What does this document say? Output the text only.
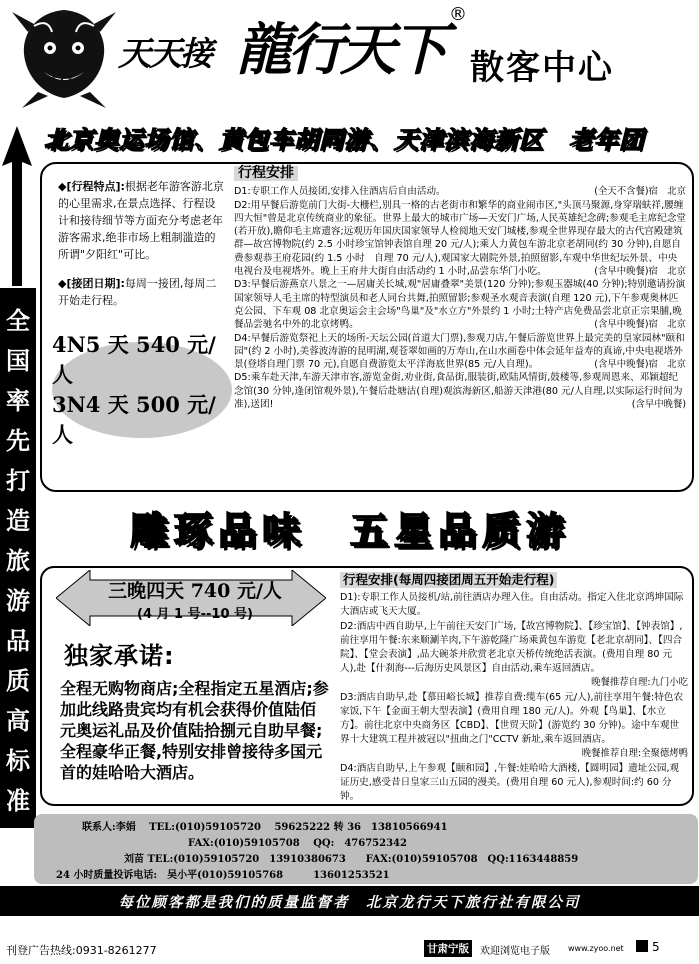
天天接 龍行天下
®
散客中心
全
国
率
先
打
造
旅
游
品
质
高
标
准
北京奥运场馆、黄包车胡同游、天津滨海新区　老年团

◆[行程特点]:根据老年游客游北京的心里需求,在景点选择、行程设计和接待细节等方面充分考虑老年游客需求,绝非市场上粗制滥造的所谓"夕阳红"可比。

◆[接团日期]:每周一接团,每周二开始走行程。

4N5 天 540 元/人
3N4 天 500 元/人
行程安排
D1:专职工作人员接团,安排入住酒店后自由活动。	(全天不含餐)宿　北京
D2:用早餐后游览前门大街-大栅栏,别具一格的古老街市和繁华的商业闹市区,"头顶马聚源,身穿瑞蚨祥,腰缠四大恒"曾是北京传统商业的象征。世界上最大的城市广场—天安门广场,人民英雄纪念碑;参观毛主席纪念堂(若开放),瞻仰毛主席遗容;远观历年国庆国家领导人检阅地天安门城楼,参观全世界现存最大的古代宫殿建筑群—故宫博物院(约 2.5 小时珍宝馆钟表馆自理 20 元/人);乘人力黄包车游北京老胡同(约 30 分钟),自愿自费参观恭王府花园(约 1.5 小时　自理 70 元/人),观国家大剧院外景,拍照留影,车观中华世纪坛外景、中央电视台及电视塔外。晚上王府井大街自由活动约 1 小时,品尝东华门小吃。	(含早中晚餐)宿　北京
D3:早餐后游燕京八景之一—居庸关长城,观"居庸叠翠"美景(120 分钟);参观玉器城(40 分钟);特别邀请扮演国家领导人毛主席的特型演员和老人同台共舞,拍照留影;参观圣水观音表演(自理 120 元),下午参观奥林匹克公园、下车观 08 北京奥运会主会场"鸟巢"及"水立方"外景约 1 小时;土特产店免费品尝北京正宗果脯,晚餐品尝驰名中外的北京烤鸭。	(含早中晚餐)宿　北京
D4:早餐后游览祭祀上天的场所-天坛公园(首道大门票),参观刀店,午餐后游览世界上最完美的皇家园林"颐和园"(约 2 小时),美蓉波涛游的昆明湖,观苍翠如画的万寿山,在山水画卷中体会延年益寿的真谛,中央电视塔外景(登塔自理门票 70 元),自愿自费游览太平洋海底世界(85 元/人自理)。	(含早中晚餐)宿　北京
D5:乘车赴天津,车游天津市容,游览金街,劝业街,食品街,服装街,欧陆风情街,鼓楼等,参观周恩来、邓颖超纪念馆(30 分钟,逢闭馆观外景),午餐后赴塘沽(自理)观滨海新区,船游天津港(80 元/人自理,以实际运行时间为准),送团!	(含早中晚餐)
雕琢品味　五星品质游
三晚四天 740 元/人
(4 月 1 号--10 号)
独家承诺:
全程无购物商店;全程指定五星酒店;参加此线路贵宾均有机会获得价值陆佰元奥运礼品及价值陆拾捌元自助早餐;全程豪华正餐,特别安排曾接待多国元首的娃哈哈大酒店。
行程安排(每周四接团周五开始走行程)
D1):专职工作人员接机/站,前往酒店办理入住。自由活动。指定入住北京鸿坤国际大酒店或飞天大厦。
D2:酒店中西自助早,上午前往天安门广场,【故宫博物院】、【珍宝馆】、【钟表馆】,前往享用午餐:东来顺涮羊肉,下午游乾隆广场乘黄包车游览【老北京胡同】、【四合院】、【堂会表演】,品大碗茶并欣赏老北京天桥传统绝活表演。(费用自理 80 元人),赴【什刹海---后海历史风景区】自由活动,乘车返回酒店。
晚餐推荐自理:九门小吃
D3:酒店自助早,赴【慕田峪长城】推荐自费:缆车(65 元/人),前往享用午餐:特色农家饭,下午【金面王朝大型表演】(费用自理 180 元/人)。外观【鸟巢】、【水立方】。前往北京中央商务区【CBD】、【世贸天阶】(游览约 30 分钟)。途中车观世界十大建筑工程并被冠以"扭曲之门"CCTV 新址,乘车返回酒店。
晚餐推荐自理:全聚德烤鸭
D4:酒店自助早,上午参观【颐和园】,午餐:娃哈哈大酒楼,【圆明园】遗址公园,观证历史,感受昔日皇家三山五园的漫美。(费用自理 60 元人),参观时间:约 60 分钟。
联系人:李娟　 TEL:(010)59105720　 59625222 转 36　13810566941
FAX:(010)59105708　 QQ:　476752342
刘苗 TEL:(010)59105720　13910380673　　FAX:(010)59105708　QQ:1163448859
24 小时质量投诉电话:　吴小平(010)59105768　　　13601253521
每位顾客都是我们的质量监督者　北京龙行天下旅行社有限公司
刊登广告热线:0931-8261277	甘肃宁版	欢迎浏览电子版 www.zyoo.net 5
